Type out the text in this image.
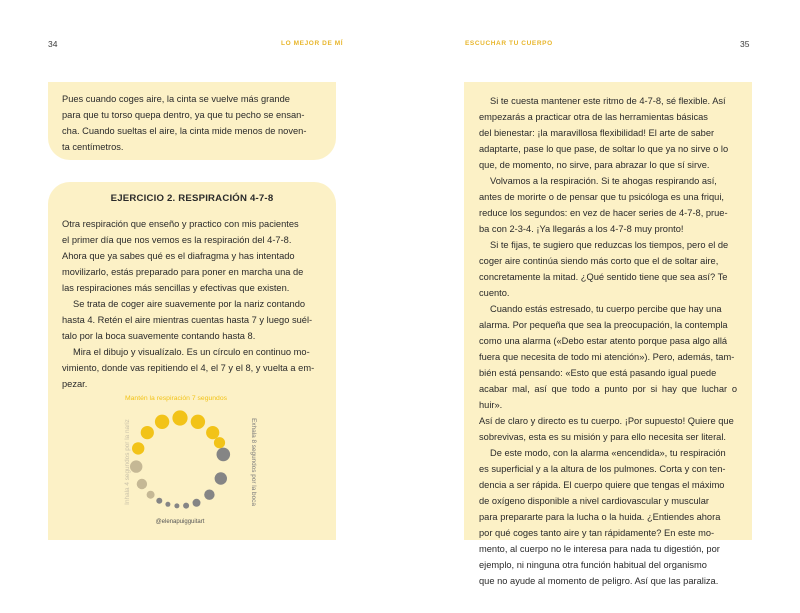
34	LO MEJOR DE MÍ

Pues cuando coges aire, la cinta se vuelve más grande
para que tu torso quepa dentro, ya que tu pecho se ensan-
cha. Cuando sueltas el aire, la cinta mide menos de noven-
ta centímetros.

EJERCICIO 2. RESPIRACIÓN 4-7-8

Otra respiración que enseño y practico con mis pacientes
el primer día que nos vemos es la respiración del 4-7-8.
Ahora que ya sabes qué es el diafragma y has intentado
movilizarlo, estás preparado para poner en marcha una de
las respiraciones más sencillas y efectivas que existen.

Se trata de coger aire suavemente por la nariz contando
hasta 4. Retén el aire mientras cuentas hasta 7 y luego suél-
talo por la boca suavemente contando hasta 8.

Mira el dibujo y visualízalo. Es un círculo en continuo mo-
vimiento, donde vas repitiendo el 4, el 7 y el 8, y vuelta a em-
pezar.

Mantén la respiración 7 segundos
Exhala 8 segundos por la boca
Inhala 4 segundos por la nariz
@elenapuigguitart
35
ESCUCHAR TU CUERPO

Si te cuesta mantener este ritmo de 4-7-8, sé flexible. Así
empezarás a practicar otra de las herramientas básicas
del bienestar: ¡la maravillosa flexibilidad! El arte de saber
adaptarte, pase lo que pase, de soltar lo que ya no sirve o lo
que, de momento, no sirve, para abrazar lo que sí sirve.

Volvamos a la respiración. Si te ahogas respirando así,
antes de morirte o de pensar que tu psicóloga es una friqui,
reduce los segundos: en vez de hacer series de 4-7-8, prue-
ba con 2-3-4. ¡Ya llegarás a los 4-7-8 muy pronto!

Si te fijas, te sugiero que reduzcas los tiempos, pero el de
coger aire continúa siendo más corto que el de soltar aire,
concretamente la mitad. ¿Qué sentido tiene que sea así? Te
cuento.

Cuando estás estresado, tu cuerpo percibe que hay una
alarma. Por pequeña que sea la preocupación, la contempla
como una alarma («Debo estar atento porque pasa algo allá
fuera que necesita de todo mi atención»). Pero, además, tam-
bién está pensando: «Esto que está pasando igual puede
acabar mal, así que todo a punto por si hay que luchar o huir».
Así de claro y directo es tu cuerpo. ¡Por supuesto! Quiere que
sobrevivas, esta es su misión y para ello necesita ser literal.

De este modo, con la alarma «encendida», tu respiración
es superficial y a la altura de los pulmones. Corta y con ten-
dencia a ser rápida. El cuerpo quiere que tengas el máximo
de oxígeno disponible a nivel cardiovascular y muscular
para prepararte para la lucha o la huida. ¿Entiendes ahora
por qué coges tanto aire y tan rápidamente? En este mo-
mento, al cuerpo no le interesa para nada tu digestión, por
ejemplo, ni ninguna otra función habitual del organismo
que no ayude al momento de peligro. Así que las paraliza.
